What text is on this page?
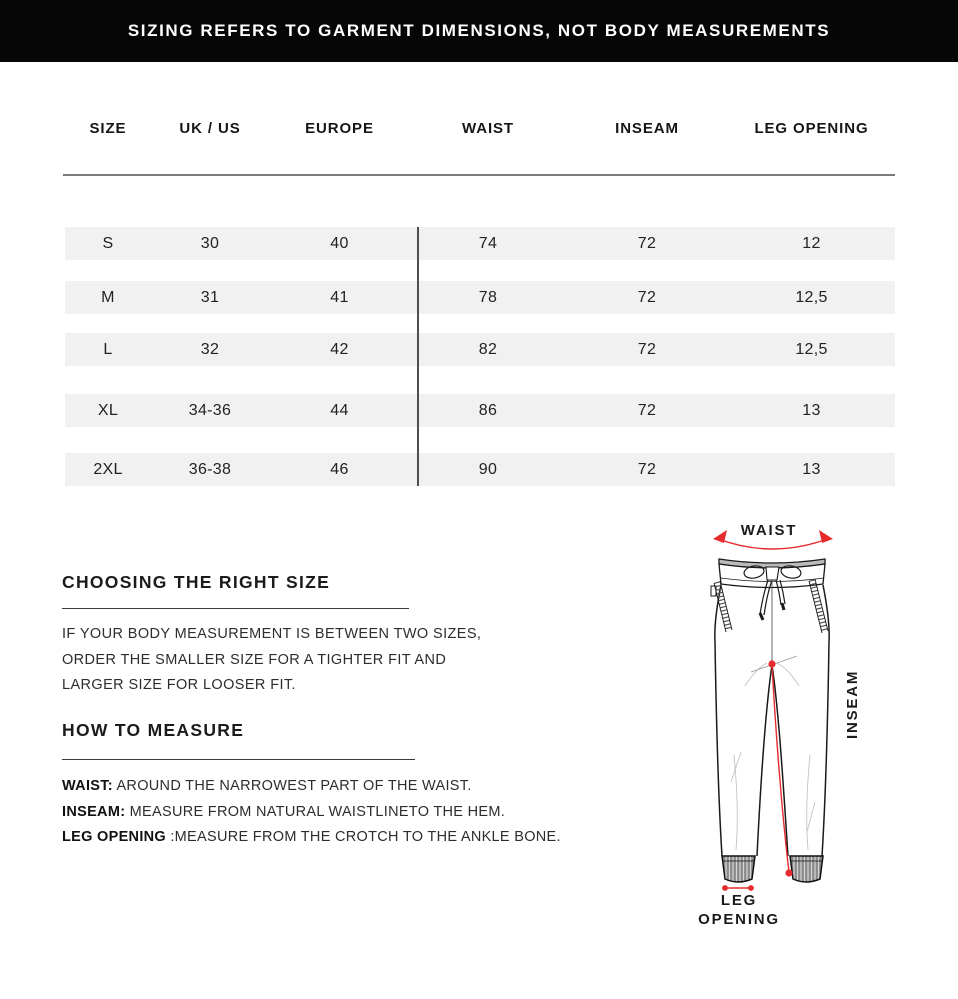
SIZING REFERS TO GARMENT DIMENSIONS, NOT BODY MEASUREMENTS
SIZE	UK / US	EUROPE	WAIST	INSEAM	LEG OPENING
S	30	40	74	72	12
M	31	41	78	72	12,5
L	32	42	82	72	12,5
XL	34-36	44	86	72	13
2XL	36-38	46	90	72	13
CHOOSING THE RIGHT SIZE
IF YOUR BODY MEASUREMENT IS BETWEEN TWO SIZES,
ORDER THE SMALLER SIZE FOR A TIGHTER FIT AND
LARGER SIZE FOR LOOSER FIT.
HOW TO MEASURE
WAIST: AROUND THE NARROWEST PART OF THE WAIST.
INSEAM: MEASURE FROM NATURAL WAISTLINETO THE HEM.
LEG OPENING :MEASURE FROM THE CROTCH TO THE ANKLE BONE.
WAIST
INSEAM
LEG
OPENING
